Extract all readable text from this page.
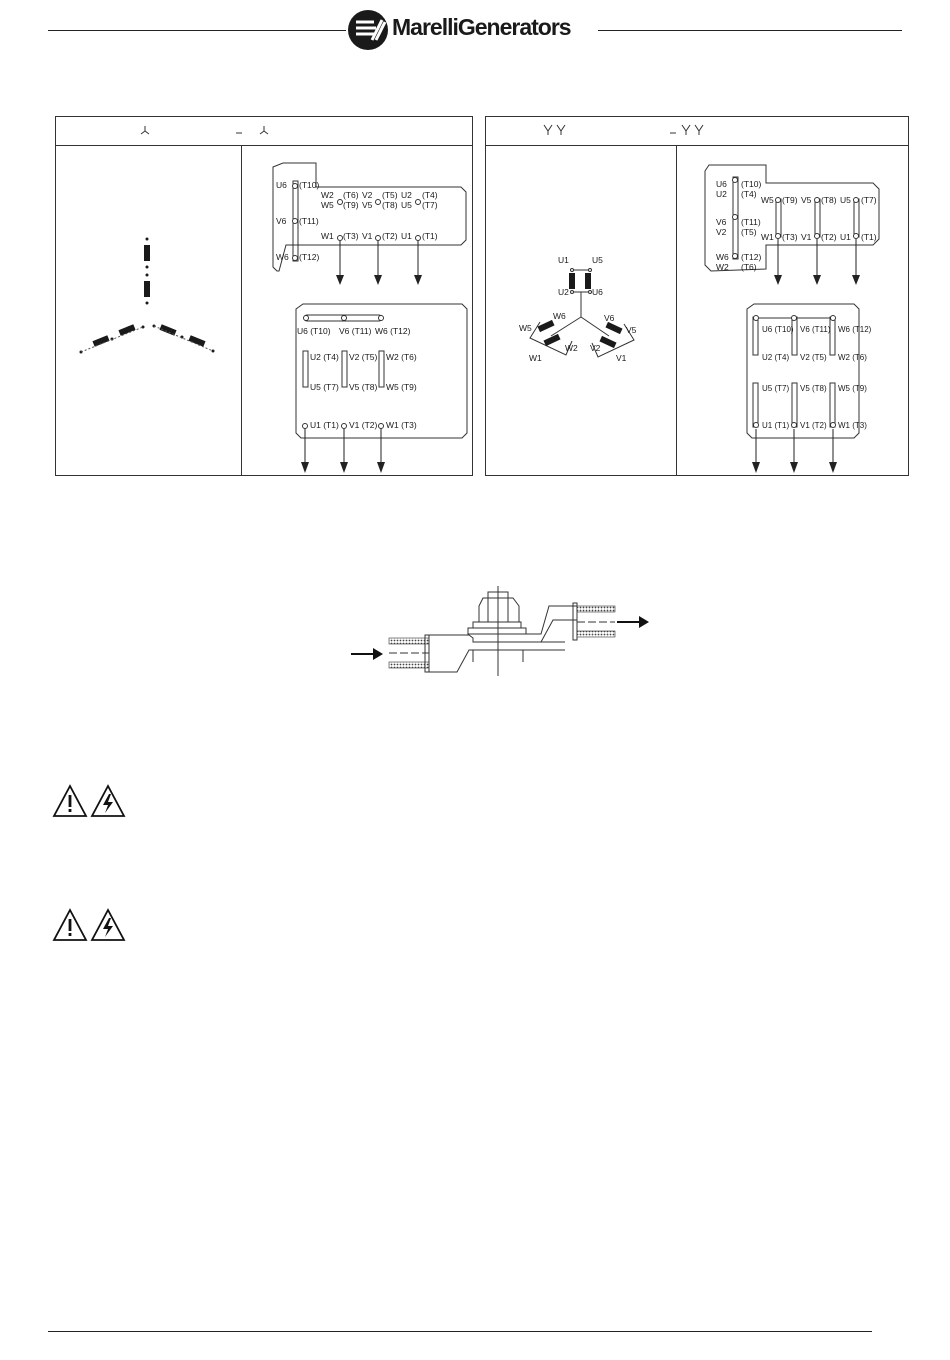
MarelliGenerators
U6 (T10)
V6 (T11)
W6 (T12)
W2
W5
(T6)
(T9)
V2
V5
(T5)
(T8)
U2
U5
(T4)
(T7)
W1 (T3) V1 (T2) U1 (T1)
U6 (T10) V6 (T11) W6 (T12)
U2 (T4) V2 (T5) W2 (T6)
U5 (T7) V5 (T8) W5 (T9)
U1 (T1) V1 (T2) W1 (T3)
U1	U5
U2	U6
W6
W5
W1
W2
V6
V5
V2
V1
U6
U2
(T10)
(T4)
V6
V2
(T11)
(T5)
W6
W2
(T12)
(T6)
W5 (T9) V5 (T8) U5 (T7)
W1 (T3) V1 (T2) U1 (T1)
U6 (T10) V6 (T11) W6 (T12)
U2 (T4) V2 (T5) W2 (T6)
U5 (T7) V5 (T8) W5 (T9)
U1 (T1) V1 (T2) W1 (T3)
